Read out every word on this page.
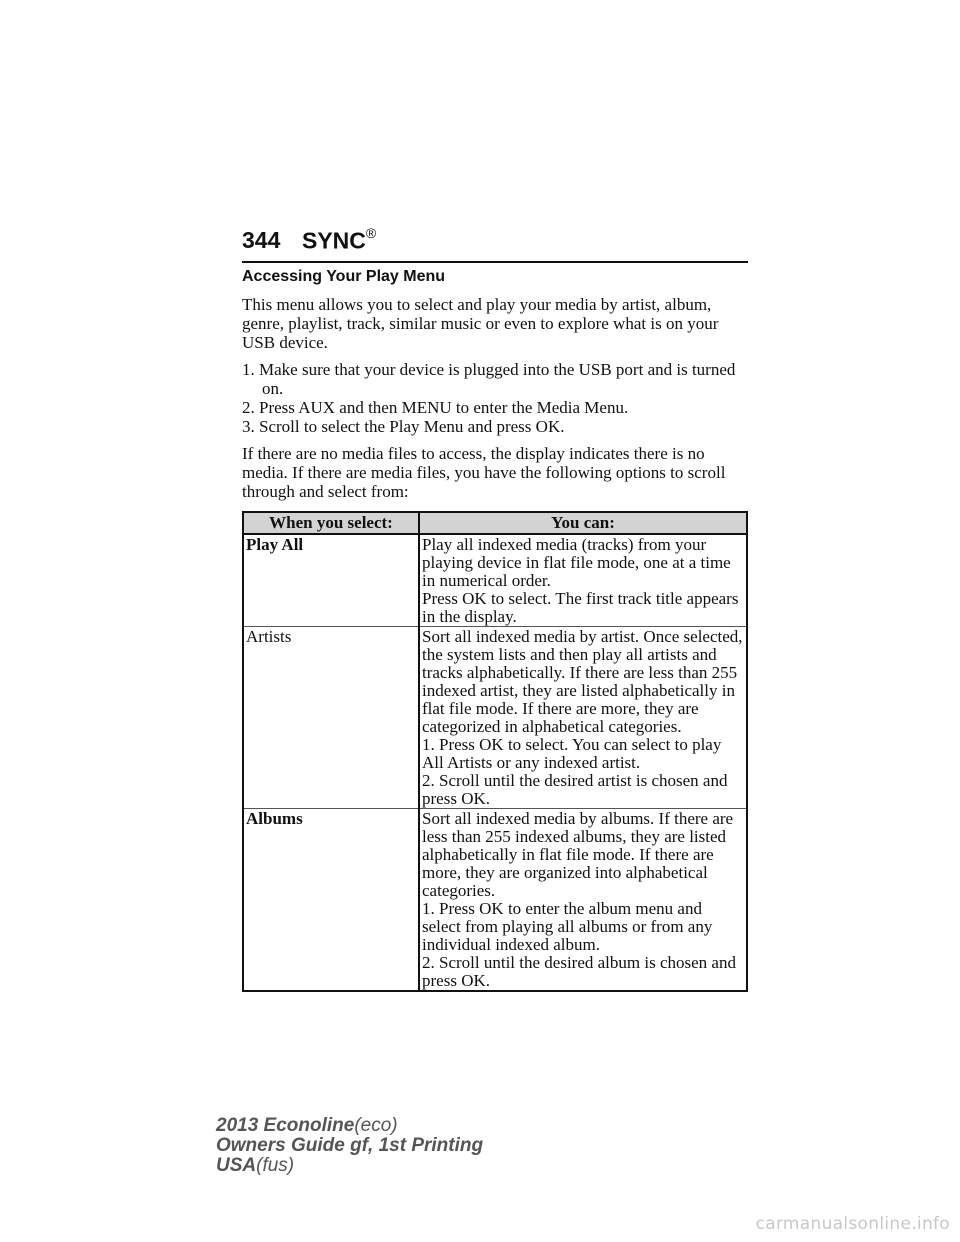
344 SYNC®
Accessing Your Play Menu

This menu allows you to select and play your media by artist, album, genre, playlist, track, similar music or even to explore what is on your USB device.

1. Make sure that your device is plugged into the USB port and is turned on.
2. Press AUX and then MENU to enter the Media Menu.
3. Scroll to select the Play Menu and press OK.

If there are no media files to access, the display indicates there is no media. If there are media files, you have the following options to scroll through and select from:

When you select:	You can:
Play All	Play all indexed media (tracks) from your playing device in flat file mode, one at a time in numerical order.
Press OK to select. The first track title appears in the display.

Artists	Sort all indexed media by artist. Once selected, the system lists and then play all artists and tracks alphabetically. If there are less than 255 indexed artist, they are listed alphabetically in flat file mode. If there are more, they are categorized in alphabetical categories.
1. Press OK to select. You can select to play All Artists or any indexed artist.
2. Scroll until the desired artist is chosen and press OK.

Albums	Sort all indexed media by albums. If there are less than 255 indexed albums, they are listed alphabetically in flat file mode. If there are more, they are organized into alphabetical categories.
1. Press OK to enter the album menu and select from playing all albums or from any individual indexed album.
2. Scroll until the desired album is chosen and press OK.
2013 Econoline(eco)
Owners Guide gf, 1st Printing
USA(fus)
carmanualsonline.info
